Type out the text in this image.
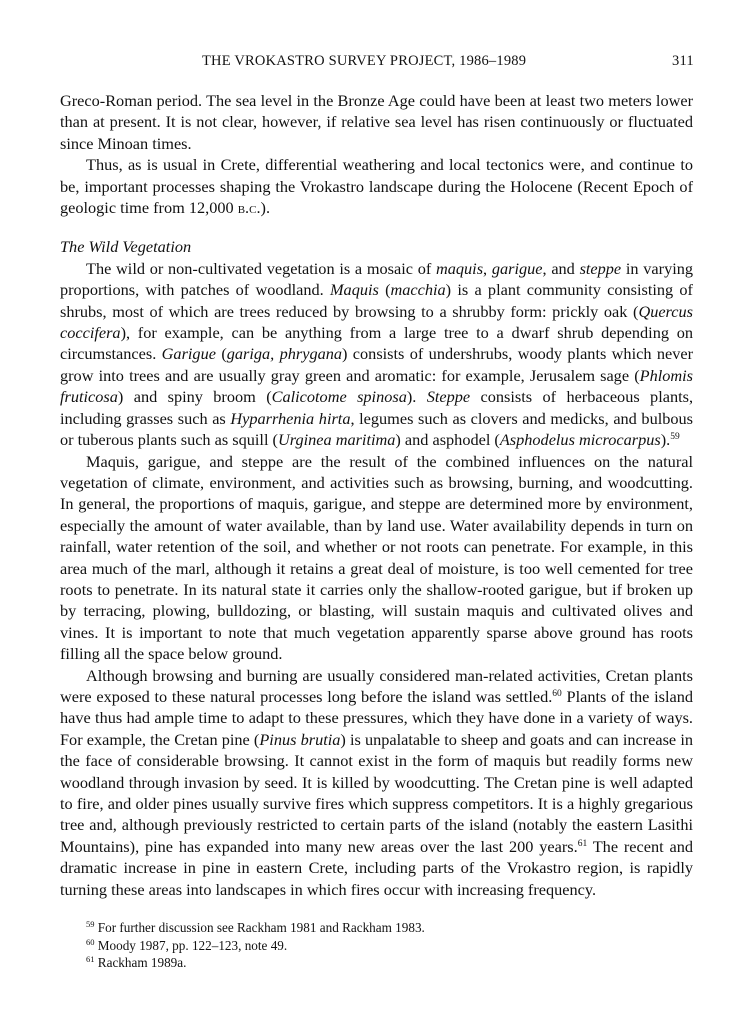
THE VROKASTRO SURVEY PROJECT, 1986–1989	311

Greco-Roman period. The sea level in the Bronze Age could have been at least two meters lower than at present. It is not clear, however, if relative sea level has risen continuously or fluctuated since Minoan times.

Thus, as is usual in Crete, differential weathering and local tectonics were, and continue to be, important processes shaping the Vrokastro landscape during the Holocene (Recent Epoch of geologic time from 12,000 b.c.).

The Wild Vegetation

The wild or non-cultivated vegetation is a mosaic of maquis, garigue, and steppe in varying proportions, with patches of woodland. Maquis (macchia) is a plant community consisting of shrubs, most of which are trees reduced by browsing to a shrubby form: prickly oak (Quercus coccifera), for example, can be anything from a large tree to a dwarf shrub depending on circumstances. Garigue (gariga, phrygana) consists of undershrubs, woody plants which never grow into trees and are usually gray green and aromatic: for example, Jerusalem sage (Phlomis fruticosa) and spiny broom (Calicotome spinosa). Steppe consists of herbaceous plants, including grasses such as Hyparrhenia hirta, legumes such as clovers and medicks, and bulbous or tuberous plants such as squill (Urginea maritima) and asphodel (Asphodelus microcarpus).$^{59}$

Maquis, garigue, and steppe are the result of the combined influences on the natural vegetation of climate, environment, and activities such as browsing, burning, and woodcutting. In general, the proportions of maquis, garigue, and steppe are determined more by environment, especially the amount of water available, than by land use. Water availability depends in turn on rainfall, water retention of the soil, and whether or not roots can penetrate. For example, in this area much of the marl, although it retains a great deal of moisture, is too well cemented for tree roots to penetrate. In its natural state it carries only the shallow-rooted garigue, but if broken up by terracing, plowing, bulldozing, or blasting, will sustain maquis and cultivated olives and vines. It is important to note that much vegetation apparently sparse above ground has roots filling all the space below ground.

Although browsing and burning are usually considered man-related activities, Cretan plants were exposed to these natural processes long before the island was settled.$^{60}$ Plants of the island have thus had ample time to adapt to these pressures, which they have done in a variety of ways. For example, the Cretan pine (Pinus brutia) is unpalatable to sheep and goats and can increase in the face of considerable browsing. It cannot exist in the form of maquis but readily forms new woodland through invasion by seed. It is killed by woodcutting. The Cretan pine is well adapted to fire, and older pines usually survive fires which suppress competitors. It is a highly gregarious tree and, although previously restricted to certain parts of the island (notably the eastern Lasithi Mountains), pine has expanded into many new areas over the last 200 years.$^{61}$ The recent and dramatic increase in pine in eastern Crete, including parts of the Vrokastro region, is rapidly turning these areas into landscapes in which fires occur with increasing frequency.

$^{59}$ For further discussion see Rackham 1981 and Rackham 1983.
$^{60}$ Moody 1987, pp. 122–123, note 49.
$^{61}$ Rackham 1989a.
